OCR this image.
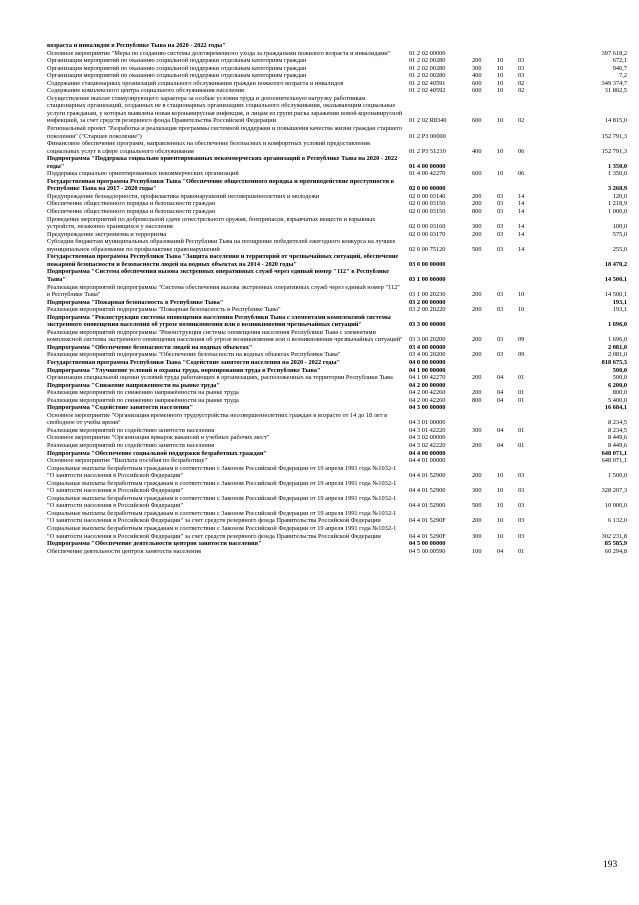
возраста и инвалидов в Республике Тыва на 2020 - 2022 годы"					
Основное мероприятие "Меры по созданию системы долговременного ухода за гражданами пожилого возраста и инвалидами"	01 2 02 00000				397 618,2
Организация мероприятий по оказанию социальной поддержки отдельным категориям граждан	01 2 02 00280	200	10	03	672,1
Организация мероприятий по оказанию социальной поддержки отдельным категориям граждан	01 2 02 00280	300	10	03	946,7
Организация мероприятий по оказанию социальной поддержки отдельным категориям граждан	01 2 02 00280	400	10	03	7,2
Содержание стационарных организаций социального обслуживания граждан пожилого возраста и инвалидов	01 2 02 40591	600	10	02	349 374,7
Содержание комплексного центра социального обслуживания населения	01 2 02 40592	600	10	02	31 802,5
Осуществление выплат стимулирующего характера за особые условия труда и дополнительную нагрузку работникам стационарных организаций, созданных не в стационарных организациях социального обслуживания, оказывающим социальные услуги гражданам, у которых выявлена новая коронавирусная инфекция, и лицам из групп риска заражения новой коронавирусной инфекцией, за счет средств резервного фонда Правительства Российской Федерации	01 2 02 R8340	600	10	02	14 815,0
Региональный проект "Разработка и реализация программы системной поддержки и повышения качества жизни граждан старшего поколения" ("Старшее поколение")	01 2 P3 00000				152 791,3
Финансовое обеспечение программ, направленных на обеспечение безопасных и комфортных условий предоставления социальных услуг в сфере социального обслуживания	01 2 P3 51210	400	10	06	152 791,3
Подпрограмма "Поддержка социально ориентированных некоммерческих организаций в Республике Тыва на 2020 - 2022 годы"	01 4 00 00000				1 350,0
Поддержка социально ориентированных некоммерческих организаций	01 4 00 42270	600	10	06	1 350,0
Государственная программа Республики Тыва "Обеспечение общественного порядка и противодействие преступности в Республике Тыва на 2017 - 2020 годы"	02 0 00 00000				3 268,9
Предупреждение безнадзорности, профилактика правонарушений несовершеннолетних и молодежи	02 0 00 03140	200	03	14	120,0
Обеспечение общественного порядка и безопасности граждан	02 0 00 03150	200	03	14	1 218,9
Обеспечение общественного порядка и безопасности граждан	02 0 00 03150	800	03	14	1 000,0
Проведение мероприятий по добровольной сдаче огнестрельного оружия, боеприпасов, взрывчатых веществ и взрывных устройств, незаконно хранящихся у населения	02 0 00 03160	300	03	14	100,0
Предупреждение экстремизма и терроризма	02 0 00 03170	200	03	14	575,0
Субсидии бюджетам муниципальных образований Республики Тыва на поощрение победителей ежегодного конкурса на лучшее муниципальное образование по профилактике правонарушений	02 0 00 75120	500	03	14	255,0
Государственная программа Республики Тыва "Защита населения и территорий от чрезвычайных ситуаций, обеспечение пожарной безопасности и безопасности людей на водных объектах на 2014 - 2020 годы"	03 0 00 00000				18 470,2
Подпрограмма "Система обеспечения вызова экстренных оперативных служб через единый номер "112" в Республике Тыва"	03 1 00 00000				14 500,1
Реализация мероприятий подпрограммы "Система обеспечения вызова экстренных оперативных служб через единый номер "112" в Республике Тыва"	03 1 00 20230	200	03	10	14 500,1
Подпрограмма "Пожарная безопасность в Республике Тыва"	03 2 00 00000				193,1
Реализация мероприятий подпрограммы "Пожарная безопасность в Республике Тыва"	03 2 00 20220	200	03	10	193,1
Подпрограмма "Реконструкция системы оповещения населения Республики Тыва с элементами комплексной системы экстренного оповещения населения об угрозе возникновения или о возникновении чрезвычайных ситуаций"	03 3 00 00000				1 696,0
Реализация мероприятий подпрограммы "Реконструкция системы оповещения населения Республики Тыва с элементами комплексной системы экстренного оповещения населения об угрозе возникновения или о возникновении чрезвычайных ситуаций"	03 3 00 20200	200	03	09	1 696,0
Подпрограмма "Обеспечение безопасности людей на водных объектах"	03 4 00 00000				2 081,0
Реализация мероприятий подпрограммы "Обеспечение безопасности на водных объектах Республики Тыва"	03 4 00 20200	200	03	09	2 081,0
Государственная программа Республики Тыва "Содействие занятости населения на 2020 - 2022 годы"	04 0 00 00000				818 675,3
Подпрограмма "Улучшение условий и охраны труда, нормирования труда в Республике Тыва"	04 1 00 00000				500,0
Организация специальной оценки условий труда работающих в организациях, расположенных на территории Республики Тыва	04 1 00 42270	200	04	01	500,0
Подпрограмма "Снижение напряженности на рынке труда"	04 2 00 00000				6 200,0
Реализация мероприятий по снижению напряжённости на рынке труда	04 2 00 42260	200	04	01	800,0
Реализация мероприятий по снижению напряжённости на рынке труда	04 2 00 42260	800	04	01	5 400,0
Подпрограмма "Содействие занятости населения"	04 3 00 00000				16 684,1
Основное мероприятие "Организация временного трудоустройства несовершеннолетних граждан в возрасте от 14 до 18 лет в свободное от учебы время"	04 3 01 00000				8 234,5
Реализация мероприятий по содействию занятости населения	04 3 01 42220	300	04	01	8 234,5
Основное мероприятие "Организация ярмарок вакансий и учебных рабочих мест"	04 3 02 00000				8 449,6
Реализация мероприятий по содействию занятости населения	04 3 02 42220	200	04	01	8 449,6
Подпрограмма "Обеспечение социальной поддержки безработных граждан"	04 4 00 00000				648 071,1
Основное мероприятие "Выплата пособия по безработице"	04 4 01 00000				648 071,1
Социальные выплаты безработным гражданам в соответствии с Законом Российской Федерации от 19 апреля 1991 года №1032-1 "О занятости населения в Российской Федерации"	04 4 01 52900	200	10	03	1 500,0
Социальные выплаты безработным гражданам в соответствии с Законом Российской Федерации от 19 апреля 1991 года №1032-1 "О занятости населения в Российской Федерации"	04 4 01 52900	300	10	03	328 207,3
Социальные выплаты безработным гражданам в соответствии с Законом Российской Федерации от 19 апреля 1991 года №1032-1 "О занятости населения в Российской Федерации"	04 4 01 52900	500	10	03	10 000,0
Социальные выплаты безработным гражданам в соответствии с Законом Российской Федерации от 19 апреля 1991 года №1032-1 "О занятости населения в Российской Федерации" за счет средств резервного фонда Правительства Российской Федерации	04 4 01 5290F	200	10	03	6 132,0
Социальные выплаты безработным гражданам в соответствии с Законом Российской Федерации от 19 апреля 1991 года №1032-1 "О занятости населения в Российской Федерации" за счет средств резервного фонда Правительства Российской Федерации	04 4 01 5290F	300	10	03	302 231,8
Подпрограмма "Обеспечение деятельности центров занятости населения"	04 5 00 00000				85 585,9
Обеспечение деятельности центров занятости населения	04 5 00 00590	100	04	01	60 294,8
193
